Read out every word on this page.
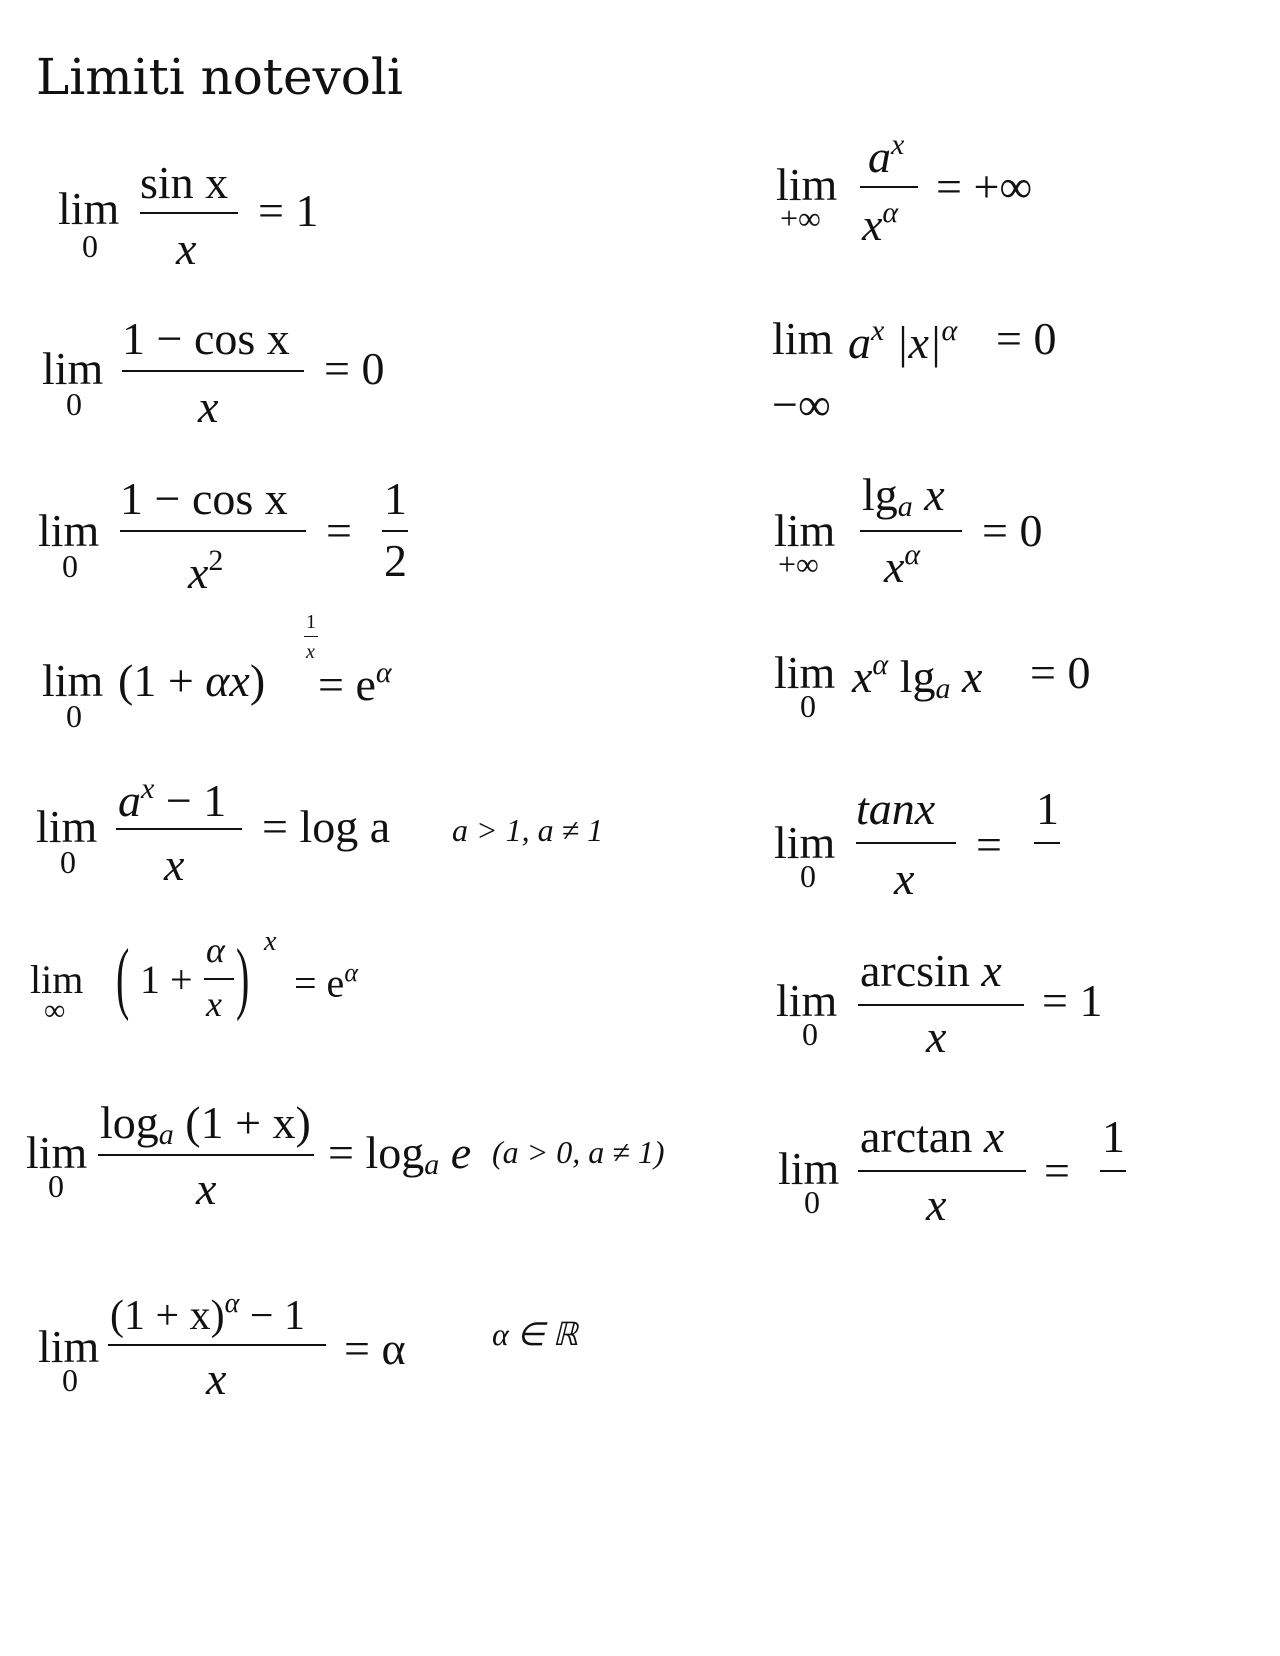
Limiti notevoli
lim
0
sin x
x
= 1
lim
0
1 − cos x
x
= 0
lim
0
1 − cos x
$x^2$
=
1
2
lim
0
(1 + αx)
1
x
= $e^\alpha$
lim
0
$a^x - 1$
x
= log a a > 1, a ≠ 1
lim
∞ ( 1 +
α
x ) x
= $e^\alpha$
lim
0
$\log_a (1 + x)$
x
= $\log_a e$ (a > 0, a ≠ 1)
lim
0
$(1 + x)^\alpha - 1$
x
= α	α ∈ ℝ
lim
+∞
$a^x$
$x^\alpha$
= +∞
lim
−∞
$a^x$ $|x|^\alpha = 0$
lim
+∞
$\lg_a x$
$x^\alpha = 0$
lim
0
$x^\alpha$ $\lg_a x = 0$
lim
0
tanx
x
=
1
lim
0
arcsin x
x
= 1
lim
0
arctan x
x
=
1
